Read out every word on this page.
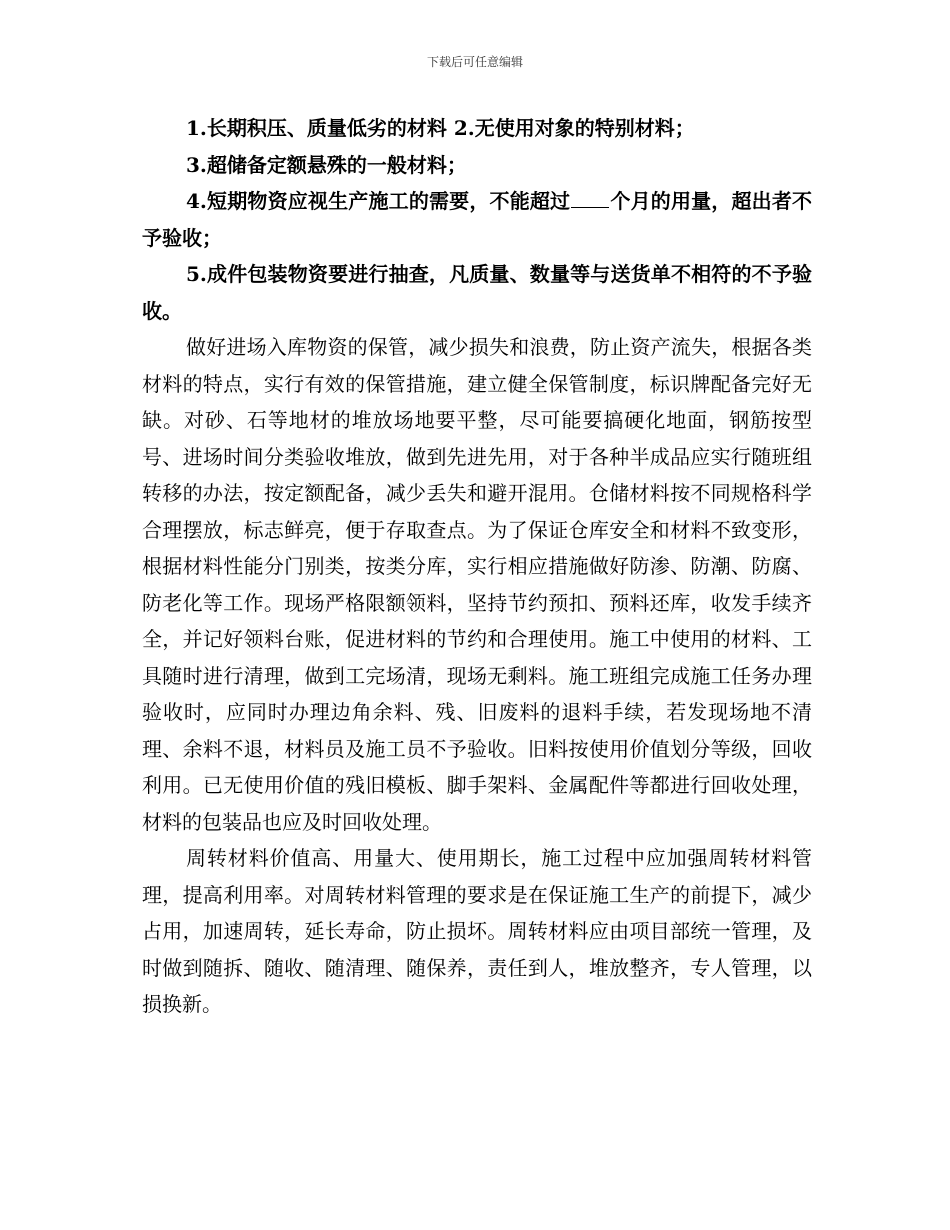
下载后可任意编辑

1.长期积压、质量低劣的材料 2.无使用对象的特别材料；

3.超储备定额悬殊的一般材料；

4.短期物资应视生产施工的需要，不能超过 个月的用量，超出者不予验收；

5.成件包装物资要进行抽查，凡质量、数量等与送货单不相符的不予验收。

做好进场入库物资的保管，减少损失和浪费，防止资产流失，根据各类材料的特点，实行有效的保管措施，建立健全保管制度，标识牌配备完好无缺。对砂、石等地材的堆放场地要平整，尽可能要搞硬化地面，钢筋按型号、进场时间分类验收堆放，做到先进先用，对于各种半成品应实行随班组转移的办法，按定额配备，减少丢失和避开混用。仓储材料按不同规格科学合理摆放，标志鲜亮，便于存取查点。为了保证仓库安全和材料不致变形，根据材料性能分门别类，按类分库，实行相应措施做好防渗、防潮、防腐、防老化等工作。现场严格限额领料，坚持节约预扣、预料还库，收发手续齐全，并记好领料台账，促进材料的节约和合理使用。施工中使用的材料、工具随时进行清理，做到工完场清，现场无剩料。施工班组完成施工任务办理验收时，应同时办理边角余料、残、旧废料的退料手续，若发现场地不清理、余料不退，材料员及施工员不予验收。旧料按使用价值划分等级，回收利用。已无使用价值的残旧模板、脚手架料、金属配件等都进行回收处理，材料的包装品也应及时回收处理。

周转材料价值高、用量大、使用期长，施工过程中应加强周转材料管理，提高利用率。对周转材料管理的要求是在保证施工生产的前提下，减少占用，加速周转，延长寿命，防止损坏。周转材料应由项目部统一管理，及时做到随拆、随收、随清理、随保养，责任到人，堆放整齐，专人管理，以损换新。
